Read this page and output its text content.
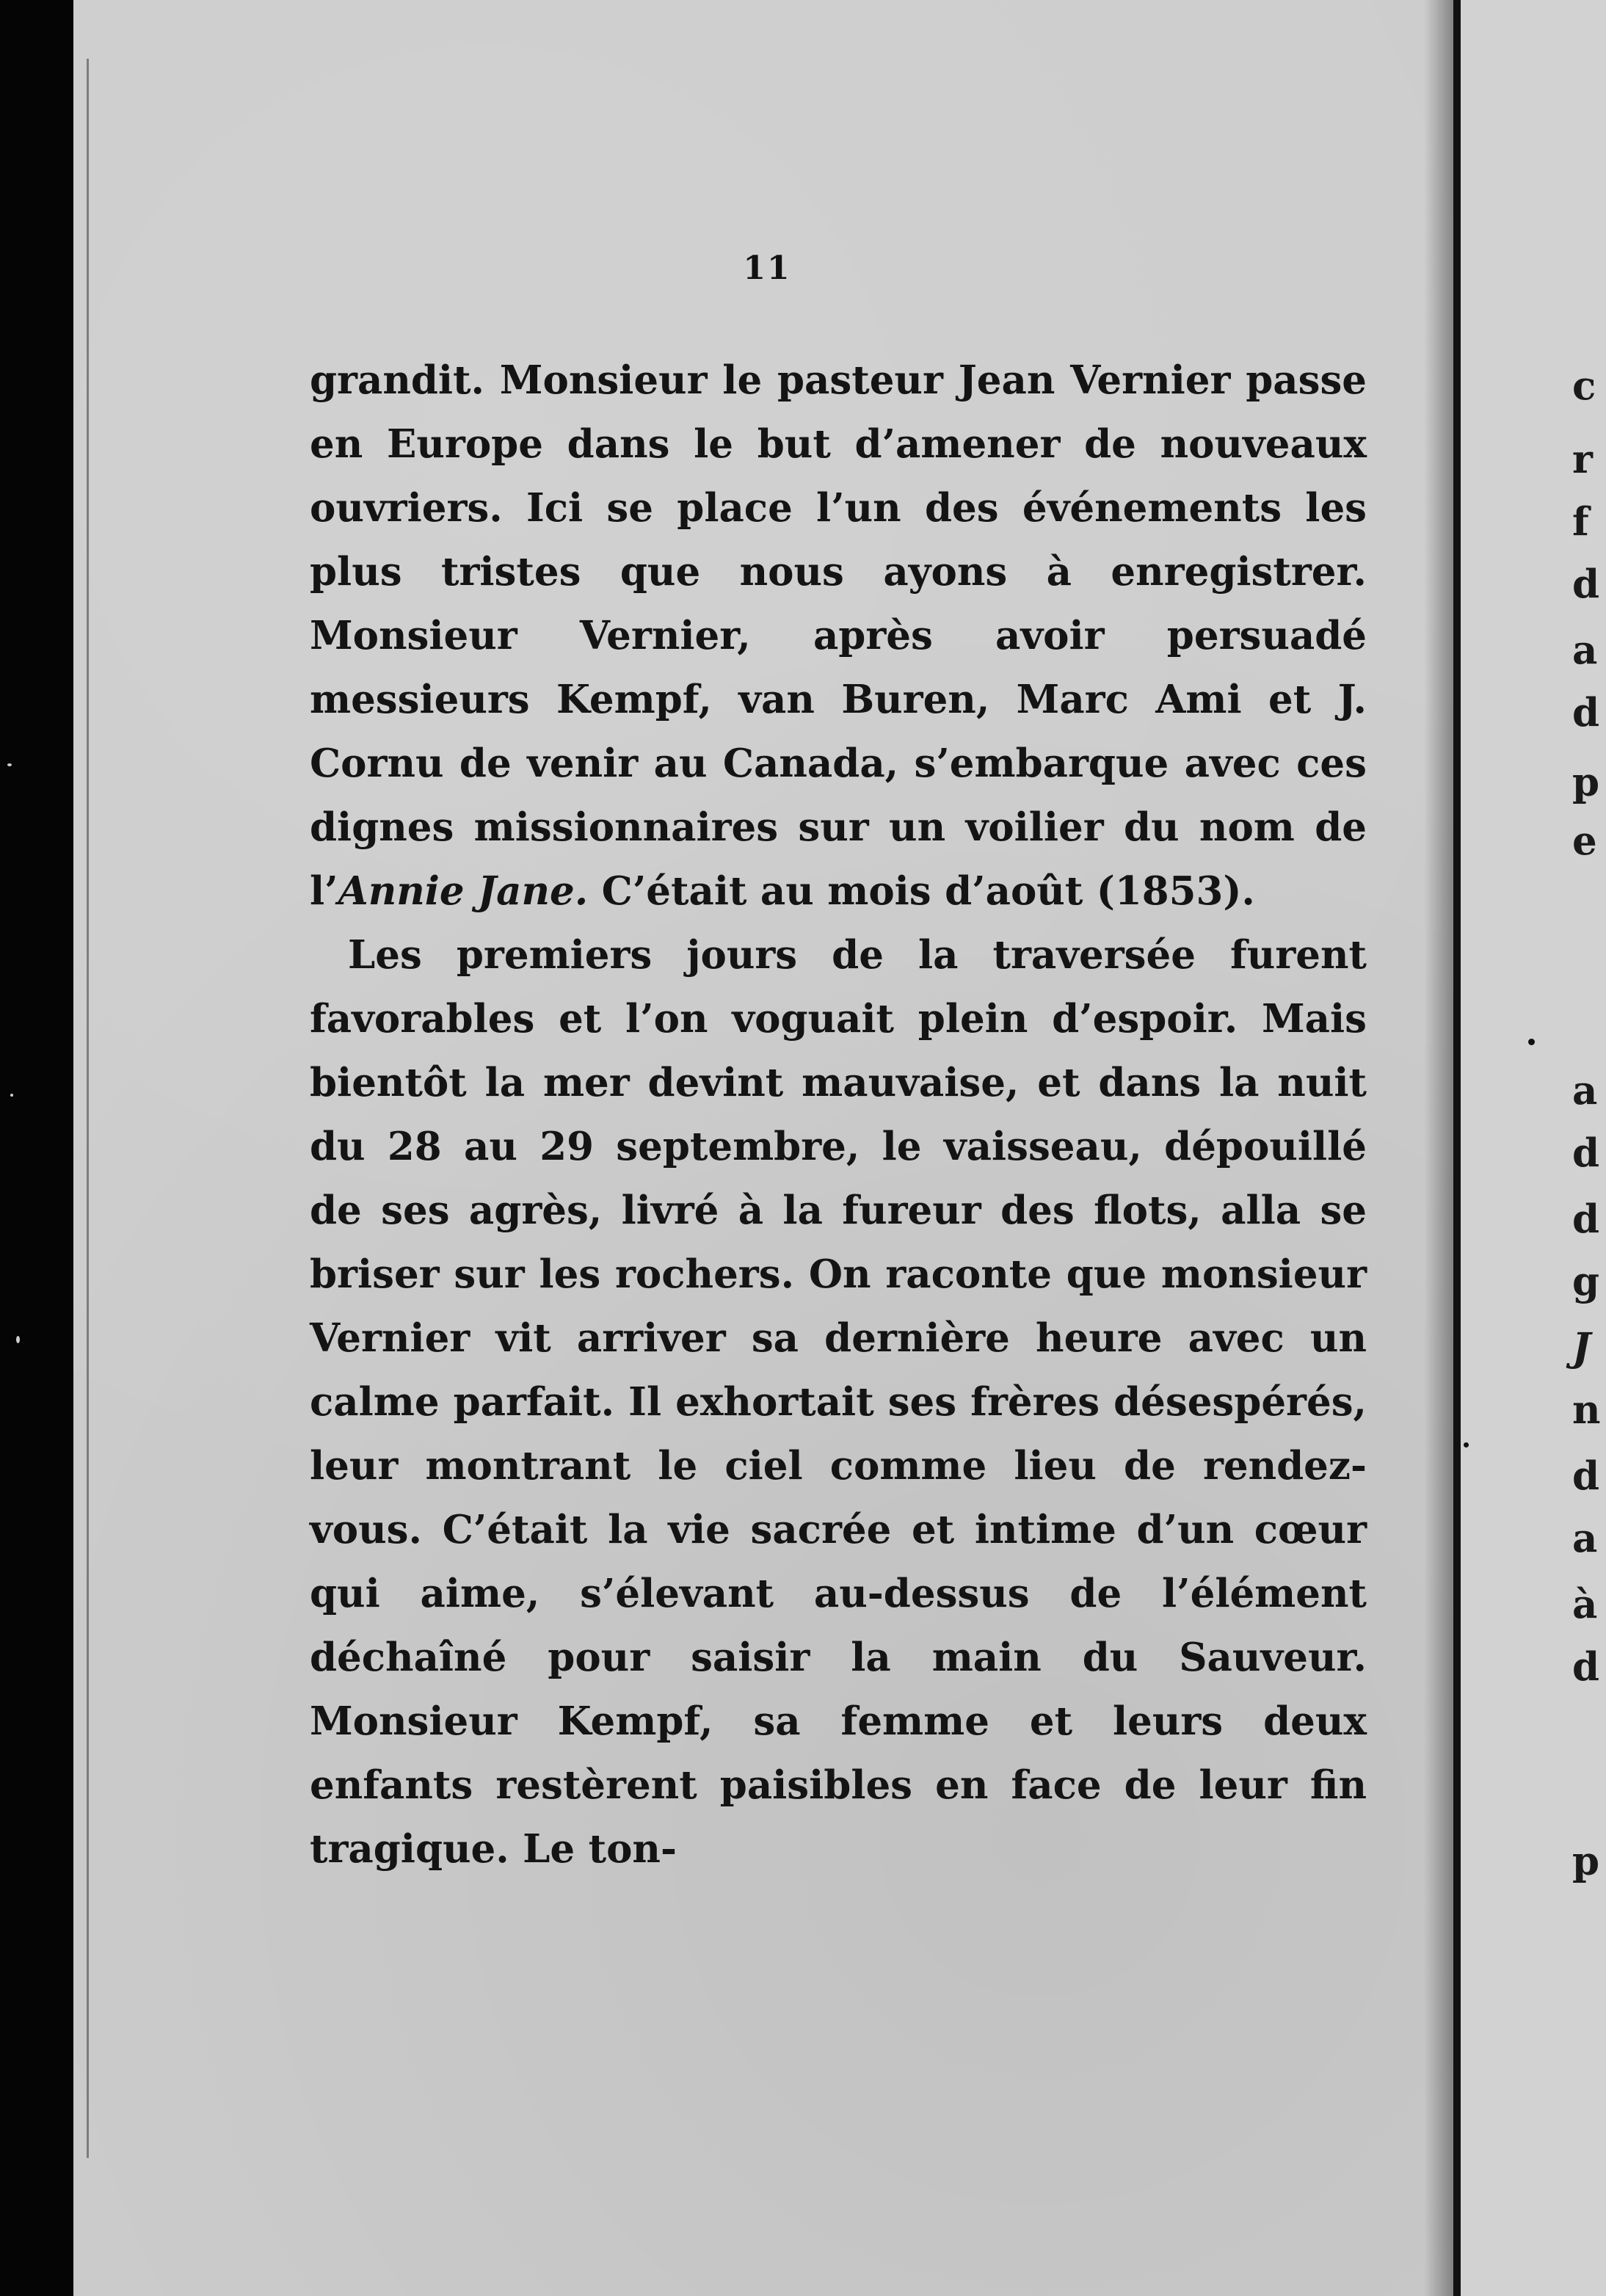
11

grandit. Monsieur le pasteur Jean Vernier passe en Europe dans le but d’amener de nouveaux ouvriers. Ici se place l’un des événements les plus tristes que nous ayons à enregistrer. Monsieur Vernier, après avoir persuadé messieurs Kempf, van Buren, Marc Ami et J. Cornu de venir au Canada, s’embarque avec ces dignes missionnaires sur un voilier du nom de l’Annie Jane. C’était au mois d’août (1853).

Les premiers jours de la traversée furent favorables et l’on voguait plein d’espoir. Mais bientôt la mer devint mauvaise, et dans la nuit du 28 au 29 septembre, le vaisseau, dépouillé de ses agrès, livré à la fureur des flots, alla se briser sur les rochers. On raconte que monsieur Vernier vit arriver sa dernière heure avec un calme parfait. Il exhortait ses frères désespérés, leur montrant le ciel comme lieu de rendez-vous. C’était la vie sacrée et intime d’un cœur qui aime, s’élevant au-dessus de l’élément déchaîné pour saisir la main du Sauveur. Monsieur Kempf, sa femme et leurs deux enfants restèrent paisibles en face de leur fin tragique. Le ton-

c
r
f
d
a
d
p
e
a
d
d
g
J
n
d
a
à
d
p
